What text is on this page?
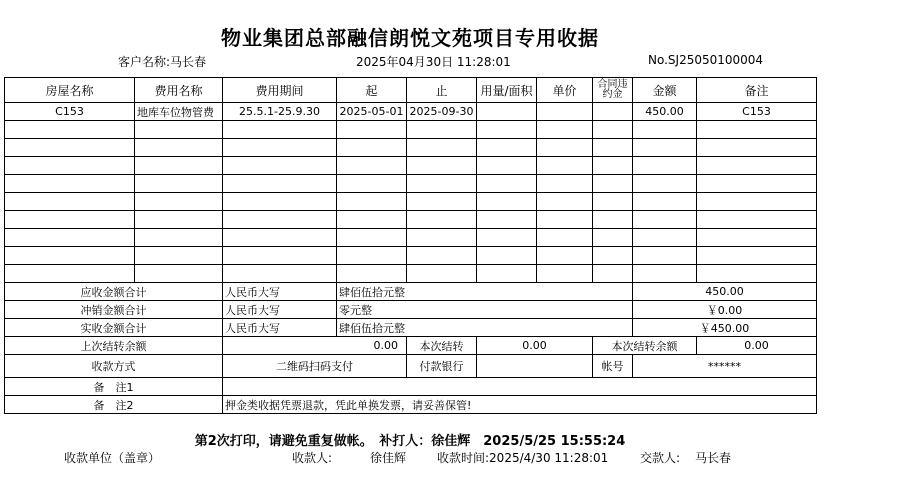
物业集团总部融信朗悦文苑项目专用收据
客户名称:马长春	2025年04月30日 11:28:01	No.SJ25050100004
房屋名称	费用名称	费用期间	起	止	用量/面积	单价	合同违约金	金额	备注
C153	地库车位物管费	25.5.1-25.9.30	2025-05-01	2025-09-30				450.00	C153

应收金额合计		人民币大写	肆佰伍拾元整					450.00	
冲销金额合计		人民币大写	零元整					￥0.00	
实收金额合计		人民币大写	肆佰伍拾元整					￥450.00	
上次结转余额		0.00		本次结转	0.00		本次结转余额		0.00
收款方式		二维码扫码支付		付款银行			帐号	******	
备　注1									
备　注2		押金类收据凭票退款，凭此单换发票，请妥善保管!							
第2次打印，请避免重复做帐。　补打人：徐佳辉　2025/5/25 15:55:24
收款单位（盖章）	收款人:	徐佳辉	收款时间:2025/4/30 11:28:01	交款人: 马长春
